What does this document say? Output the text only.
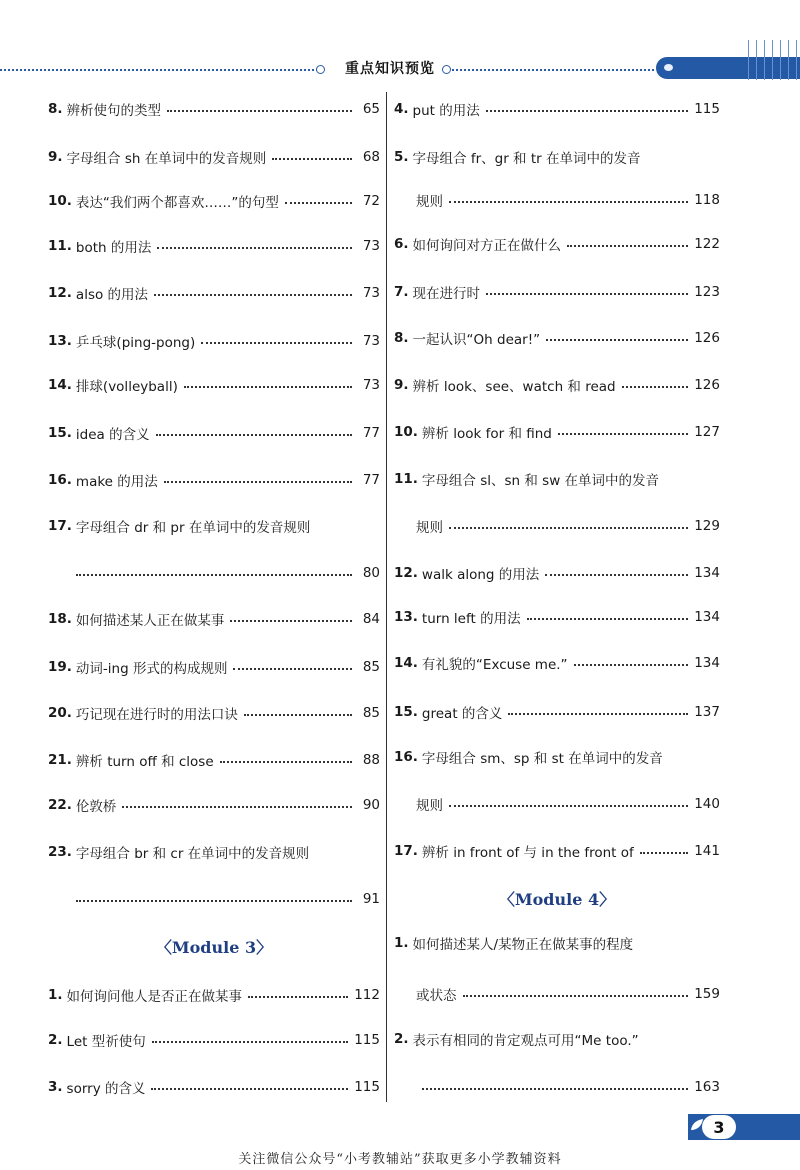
重点知识预览
8. 辨析使句的类型	65
9. 字母组合 sh 在单词中的发音规则	68
10. 表达“我们两个都喜欢……”的句型	72
11. both 的用法	73
12. also 的用法	73
13. 乒乓球(ping-pong)	73
14. 排球(volleyball)	73
15. idea 的含义	77
16. make 的用法	77
17. 字母组合 dr 和 pr 在单词中的发音规则
80
18. 如何描述某人正在做某事	84
19. 动词-ing 形式的构成规则	85
20. 巧记现在进行时的用法口诀	85
21. 辨析 turn off 和 close	88
22. 伦敦桥	90
23. 字母组合 br 和 cr 在单词中的发音规则
91
〈Module 3〉
1. 如何询问他人是否正在做某事	112
2. Let 型祈使句	115
3. sorry 的含义	115
4. put 的用法	115
5. 字母组合 fr、gr 和 tr 在单词中的发音
规则	118
6. 如何询问对方正在做什么	122
7. 现在进行时	123
8. 一起认识“Oh dear!”	126
9. 辨析 look、see、watch 和 read	126
10. 辨析 look for 和 find	127
11. 字母组合 sl、sn 和 sw 在单词中的发音
规则	129
12. walk along 的用法	134
13. turn left 的用法	134
14. 有礼貌的“Excuse me.”	134
15. great 的含义	137
16. 字母组合 sm、sp 和 st 在单词中的发音
规则	140
17. 辨析 in front of 与 in the front of	141
〈Module 4〉
1. 如何描述某人/某物正在做某事的程度
或状态	159
2. 表示有相同的肯定观点可用“Me too.”
163
3
关注微信公众号“小考教辅站”获取更多小学教辅资料
